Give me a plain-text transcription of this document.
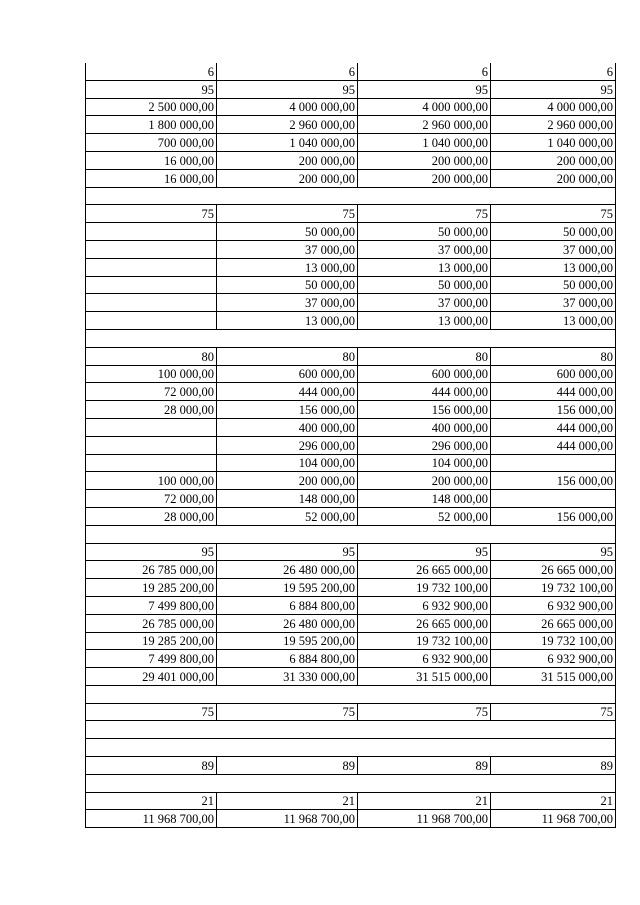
6	6	6	6
95	95	95	95
2 500 000,00	4 000 000,00	4 000 000,00	4 000 000,00
1 800 000,00	2 960 000,00	2 960 000,00	2 960 000,00
700 000,00	1 040 000,00	1 040 000,00	1 040 000,00
16 000,00	200 000,00	200 000,00	200 000,00
16 000,00	200 000,00	200 000,00	200 000,00

75	75	75	75
	50 000,00	50 000,00	50 000,00
	37 000,00	37 000,00	37 000,00
	13 000,00	13 000,00	13 000,00
	50 000,00	50 000,00	50 000,00
	37 000,00	37 000,00	37 000,00
	13 000,00	13 000,00	13 000,00

80	80	80	80
100 000,00	600 000,00	600 000,00	600 000,00
72 000,00	444 000,00	444 000,00	444 000,00
28 000,00	156 000,00	156 000,00	156 000,00
	400 000,00	400 000,00	444 000,00
	296 000,00	296 000,00	444 000,00
	104 000,00	104 000,00	
100 000,00	200 000,00	200 000,00	156 000,00
72 000,00	148 000,00	148 000,00	
28 000,00	52 000,00	52 000,00	156 000,00

95	95	95	95
26 785 000,00	26 480 000,00	26 665 000,00	26 665 000,00
19 285 200,00	19 595 200,00	19 732 100,00	19 732 100,00
7 499 800,00	6 884 800,00	6 932 900,00	6 932 900,00
26 785 000,00	26 480 000,00	26 665 000,00	26 665 000,00
19 285 200,00	19 595 200,00	19 732 100,00	19 732 100,00
7 499 800,00	6 884 800,00	6 932 900,00	6 932 900,00
29 401 000,00	31 330 000,00	31 515 000,00	31 515 000,00

75	75	75	75

89	89	89	89

21	21	21	21
11 968 700,00	11 968 700,00	11 968 700,00	11 968 700,00
